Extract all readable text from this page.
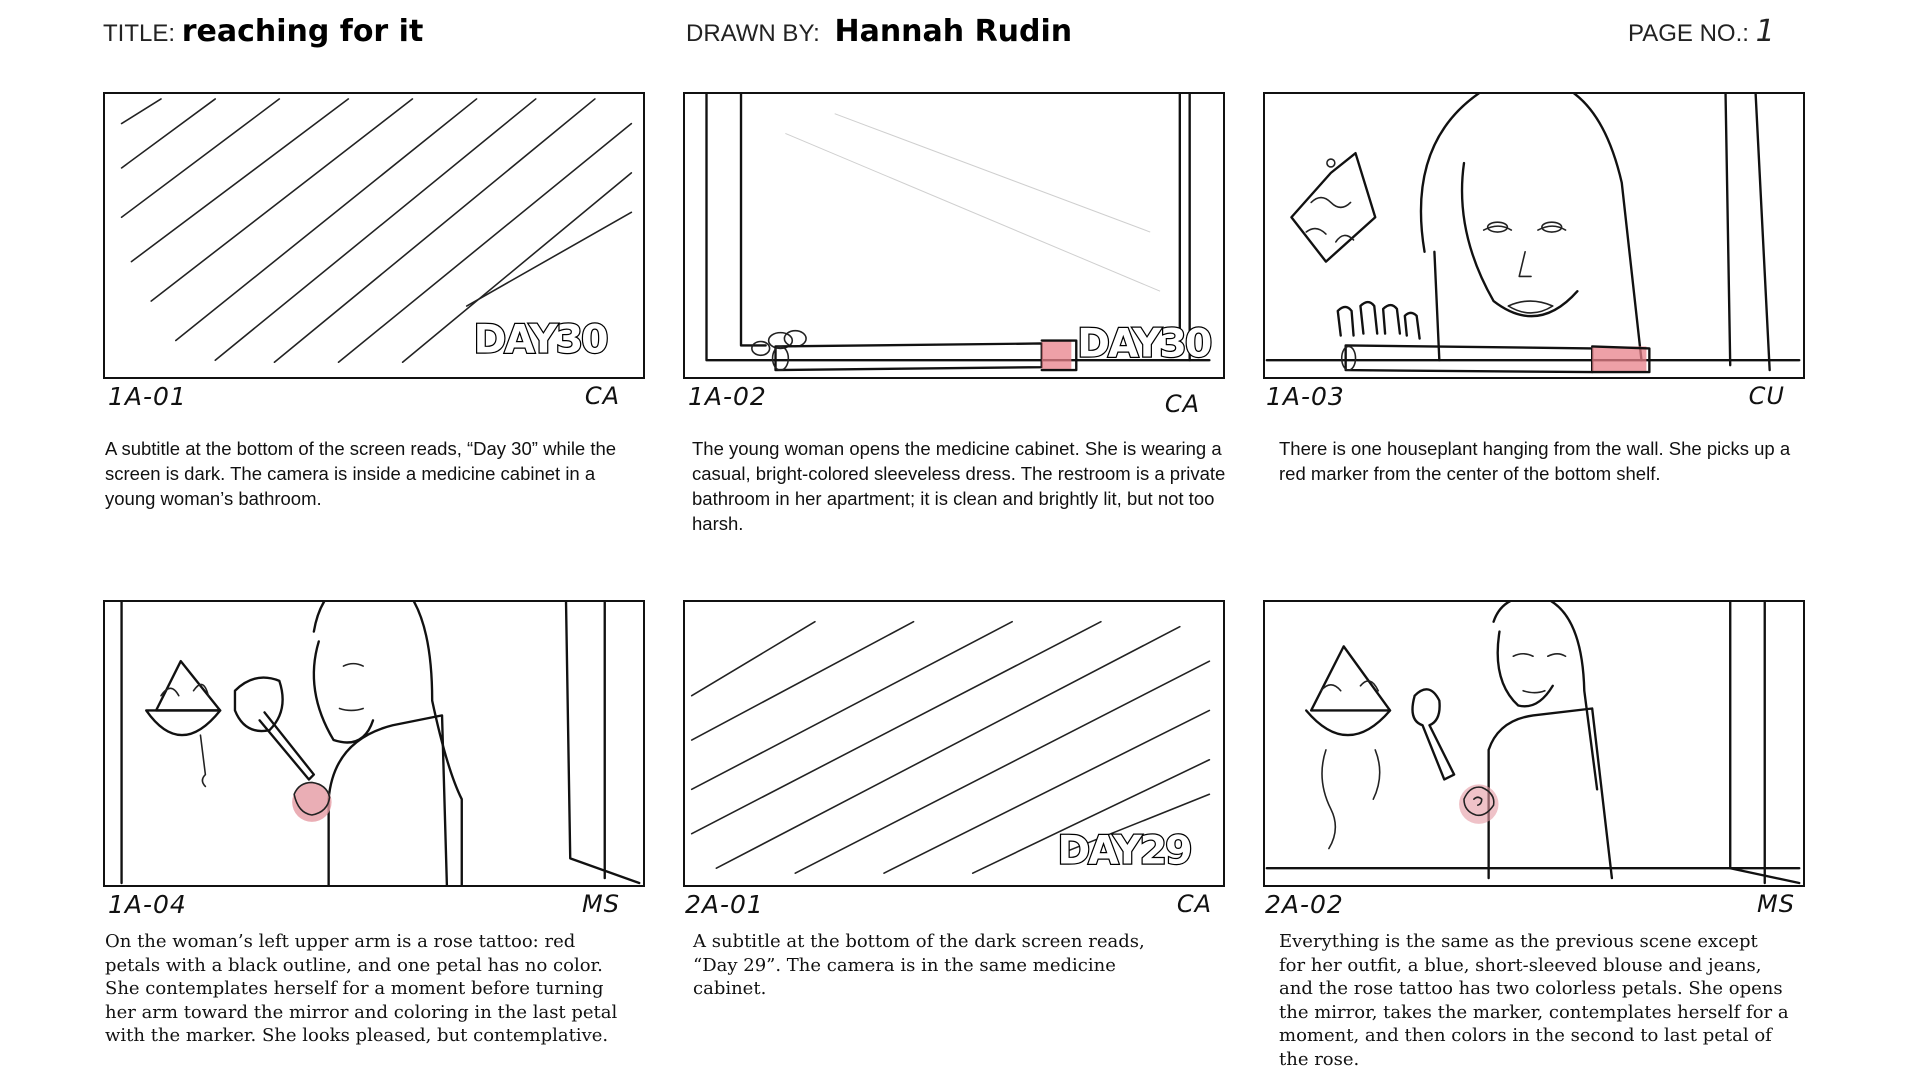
TITLE: reaching for it	DRAWN BY: Hannah Rudin	PAGE NO.: 1
DAY30
1A-01	CA
A subtitle at the bottom of the screen reads, “Day 30” while the screen is dark. The camera is inside a medicine cabinet in a young woman’s bathroom.
DAY30
1A-02	CA
The young woman opens the medicine cabinet. She is wearing a casual, bright-colored sleeveless dress. The restroom is a private bathroom in her apartment; it is clean and brightly lit, but not too harsh.
1A-03	CU
There is one houseplant hanging from the wall. She picks up a red marker from the center of the bottom shelf.
1A-04	MS
On the woman’s left upper arm is a rose tattoo: red petals with a black outline, and one petal has no color. She contemplates herself for a moment before turning her arm toward the mirror and coloring in the last petal with the marker. She looks pleased, but contemplative.
DAY29
2A-01	CA
A subtitle at the bottom of the dark screen reads, “Day 29”. The camera is in the same medicine cabinet.
2A-02	MS
Everything is the same as the previous scene except for her outfit, a blue, short-sleeved blouse and jeans, and the rose tattoo has two colorless petals. She opens the mirror, takes the marker, contemplates herself for a moment, and then colors in the second to last petal of the rose.
